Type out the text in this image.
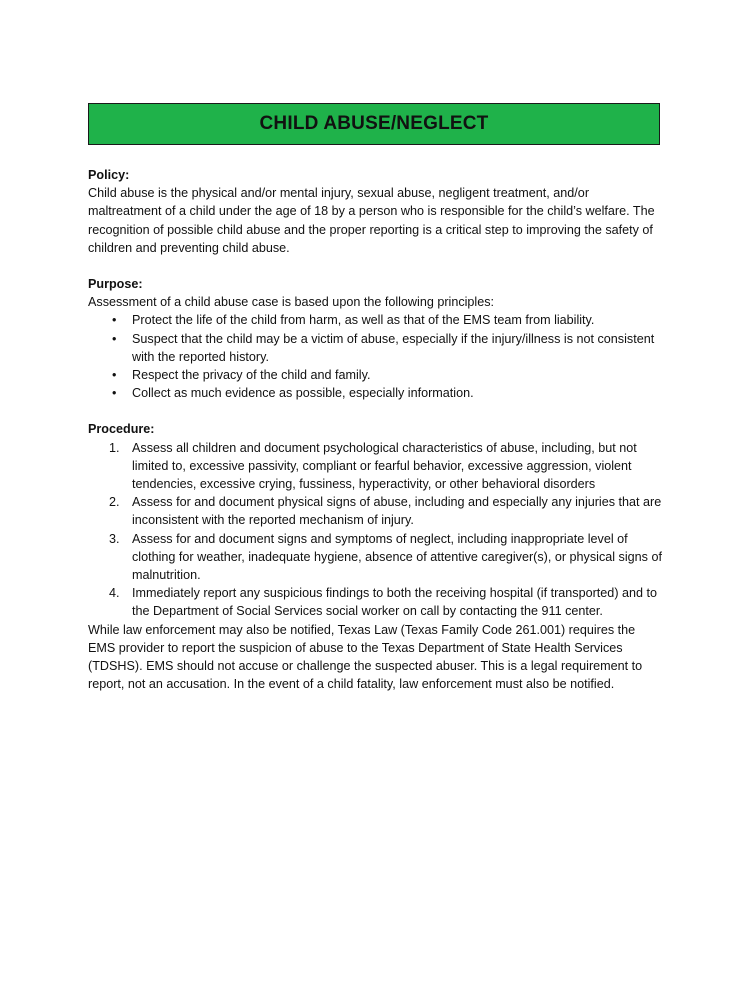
CHILD ABUSE/NEGLECT
Policy:
Child abuse is the physical and/or mental injury, sexual abuse, negligent treatment, and/or maltreatment of a child under the age of 18 by a person who is responsible for the child’s welfare. The recognition of possible child abuse and the proper reporting is a critical step to improving the safety of children and preventing child abuse.
Purpose:
Assessment of a child abuse case is based upon the following principles:
• Protect the life of the child from harm, as well as that of the EMS team from liability.
• Suspect that the child may be a victim of abuse, especially if the injury/illness is not consistent with the reported history.
• Respect the privacy of the child and family.
• Collect as much evidence as possible, especially information.
Procedure:
1. Assess all children and document psychological characteristics of abuse, including, but not limited to, excessive passivity, compliant or fearful behavior, excessive aggression, violent tendencies, excessive crying, fussiness, hyperactivity, or other behavioral disorders
2. Assess for and document physical signs of abuse, including and especially any injuries that are inconsistent with the reported mechanism of injury.
3. Assess for and document signs and symptoms of neglect, including inappropriate level of clothing for weather, inadequate hygiene, absence of attentive caregiver(s), or physical signs of malnutrition.
4. Immediately report any suspicious findings to both the receiving hospital (if transported) and to the Department of Social Services social worker on call by contacting the 911 center.
While law enforcement may also be notified, Texas Law (Texas Family Code 261.001) requires the EMS provider to report the suspicion of abuse to the Texas Department of State Health Services (TDSHS). EMS should not accuse or challenge the suspected abuser. This is a legal requirement to report, not an accusation. In the event of a child fatality, law enforcement must also be notified.
